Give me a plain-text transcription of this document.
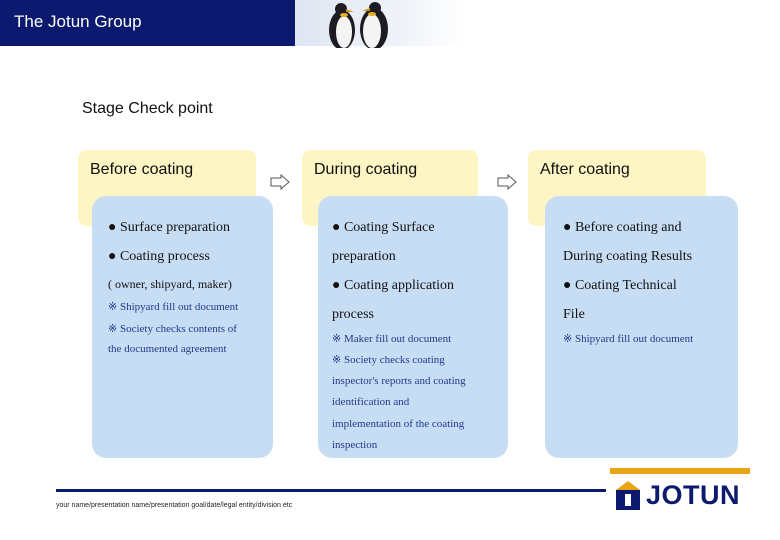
The Jotun Group
Stage Check point
Before coating
● Surface preparation
● Coating process
( owner, shipyard, maker)
※ Shipyard fill out document
※ Society checks contents of
the documented agreement
During coating
● Coating Surface
preparation
● Coating application
process
※ Maker fill out document
※ Society checks coating
inspector's reports and coating
identification and
implementation of the coating
inspection
After coating
● Before coating and
During coating Results
● Coating Technical
File
※ Shipyard fill out document
your name/presentation name/presentation goal/date/legal entity/division etc	JOTUN
